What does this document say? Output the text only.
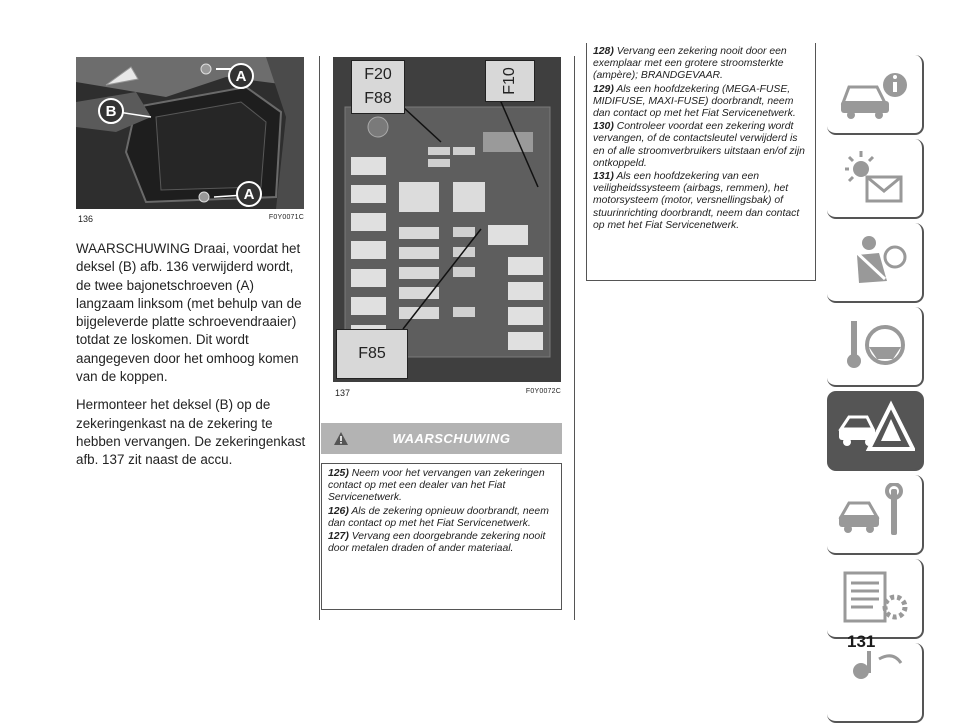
A
B
A
136	F0Y0071C

WAARSCHUWING Draai, voordat het deksel (B) afb. 136 verwijderd wordt, de twee bajonetschroeven (A) langzaam linksom (met behulp van de bijgeleverde platte schroevendraaier) totdat ze loskomen. Dit wordt aangegeven door het omhoog komen van de koppen.

Hermonteer het deksel (B) op de zekeringenkast na de zekering te hebben vervangen. De zekeringenkast afb. 137 zit naast de accu.

F20
F88
F10
F85
137	F0Y0072C
WAARSCHUWING
125) Neem voor het vervangen van zekeringen contact op met een dealer van het Fiat Servicenetwerk.
126) Als de zekering opnieuw doorbrandt, neem dan contact op met het Fiat Servicenetwerk.
127) Vervang een doorgebrande zekering nooit door metalen draden of ander materiaal.
128) Vervang een zekering nooit door een exemplaar met een grotere stroomsterkte (ampère); BRANDGEVAAR.
129) Als een hoofdzekering (MEGA-FUSE, MIDIFUSE, MAXI-FUSE) doorbrandt, neem dan contact op met het Fiat Servicenetwerk.
130) Controleer voordat een zekering wordt vervangen, of de contactsleutel verwijderd is en of alle stroomverbruikers uitstaan en/of zijn ontkoppeld.
131) Als een hoofdzekering van een veiligheidssysteem (airbags, remmen), het motorsysteem (motor, versnellingsbak) of stuurinrichting doorbrandt, neem dan contact op met het Fiat Servicenetwerk.
131
